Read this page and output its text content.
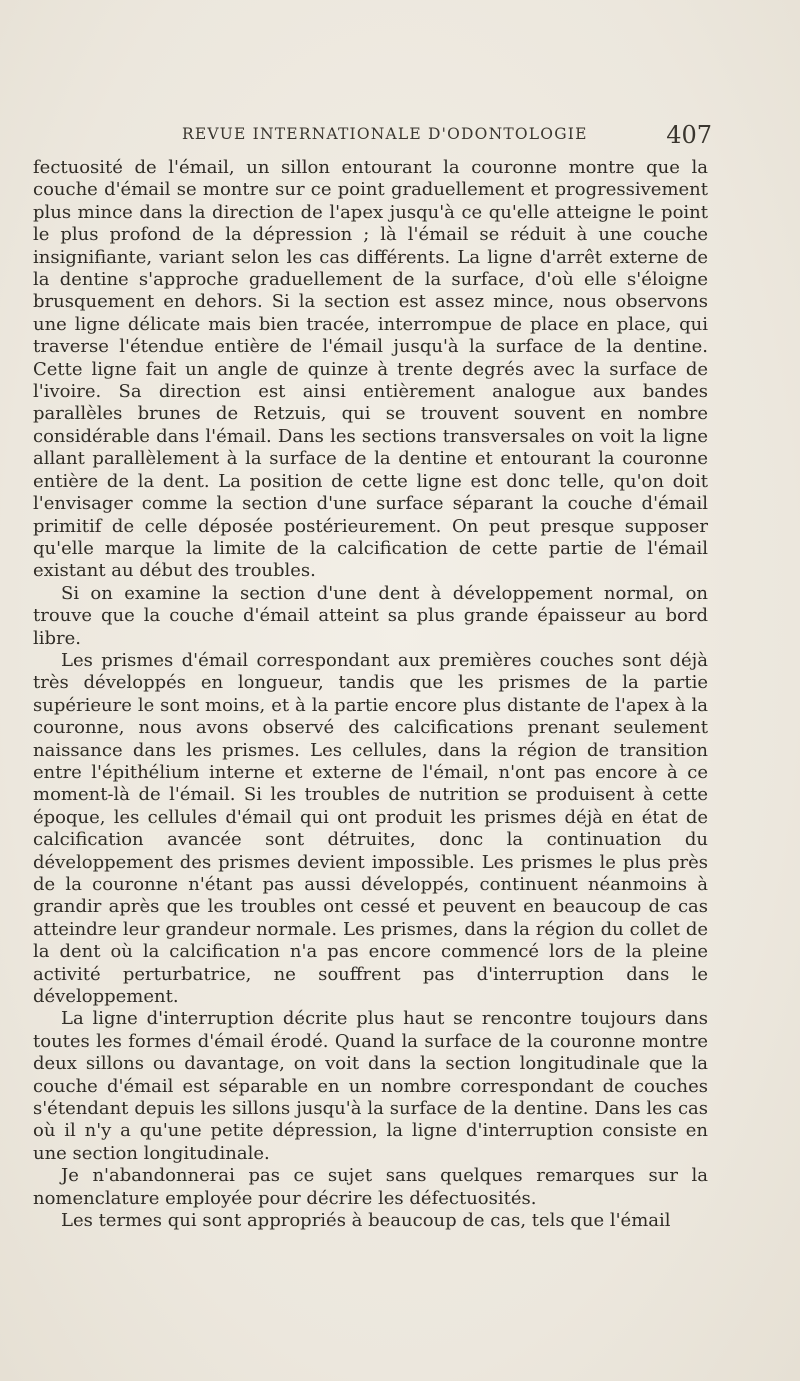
REVUE INTERNATIONALE D'ODONTOLOGIE	407

fectuosité de l'émail, un sillon entourant la couronne montre que la couche d'émail se montre sur ce point graduellement et progressivement plus mince dans la direction de l'apex jusqu'à ce qu'elle atteigne le point le plus profond de la dépression ; là l'émail se réduit à une couche insignifiante, variant selon les cas différents. La ligne d'arrêt externe de la dentine s'approche graduellement de la surface, d'où elle s'éloigne brusquement en dehors. Si la section est assez mince, nous observons une ligne délicate mais bien tracée, interrompue de place en place, qui traverse l'étendue entière de l'émail jusqu'à la surface de la dentine. Cette ligne fait un angle de quinze à trente degrés avec la surface de l'ivoire. Sa direction est ainsi entièrement analogue aux bandes parallèles brunes de Retzuis, qui se trouvent souvent en nombre considérable dans l'émail. Dans les sections transversales on voit la ligne allant parallèlement à la surface de la dentine et entourant la couronne entière de la dent. La position de cette ligne est donc telle, qu'on doit l'envisager comme la section d'une surface séparant la couche d'émail primitif de celle déposée postérieurement. On peut presque supposer qu'elle marque la limite de la calcification de cette partie de l'émail existant au début des troubles.

Si on examine la section d'une dent à développement normal, on trouve que la couche d'émail atteint sa plus grande épaisseur au bord libre.

Les prismes d'émail correspondant aux premières couches sont déjà très développés en longueur, tandis que les prismes de la partie supérieure le sont moins, et à la partie encore plus distante de l'apex à la couronne, nous avons observé des calcifications prenant seulement naissance dans les prismes. Les cellules, dans la région de transition entre l'épithélium interne et externe de l'émail, n'ont pas encore à ce moment-là de l'émail. Si les troubles de nutrition se produisent à cette époque, les cellules d'émail qui ont produit les prismes déjà en état de calcification avancée sont détruites, donc la continuation du développement des prismes devient impossible. Les prismes le plus près de la couronne n'étant pas aussi développés, continuent néanmoins à grandir après que les troubles ont cessé et peuvent en beaucoup de cas atteindre leur grandeur normale. Les prismes, dans la région du collet de la dent où la calcification n'a pas encore commencé lors de la pleine activité perturbatrice, ne souffrent pas d'interruption dans le développement.

La ligne d'interruption décrite plus haut se rencontre toujours dans toutes les formes d'émail érodé. Quand la surface de la couronne montre deux sillons ou davantage, on voit dans la section longitudinale que la couche d'émail est séparable en un nombre correspondant de couches s'étendant depuis les sillons jusqu'à la surface de la dentine. Dans les cas où il n'y a qu'une petite dépression, la ligne d'interruption consiste en une section longitudinale.

Je n'abandonnerai pas ce sujet sans quelques remarques sur la nomenclature employée pour décrire les défectuosités.

Les termes qui sont appropriés à beaucoup de cas, tels que l'émail
